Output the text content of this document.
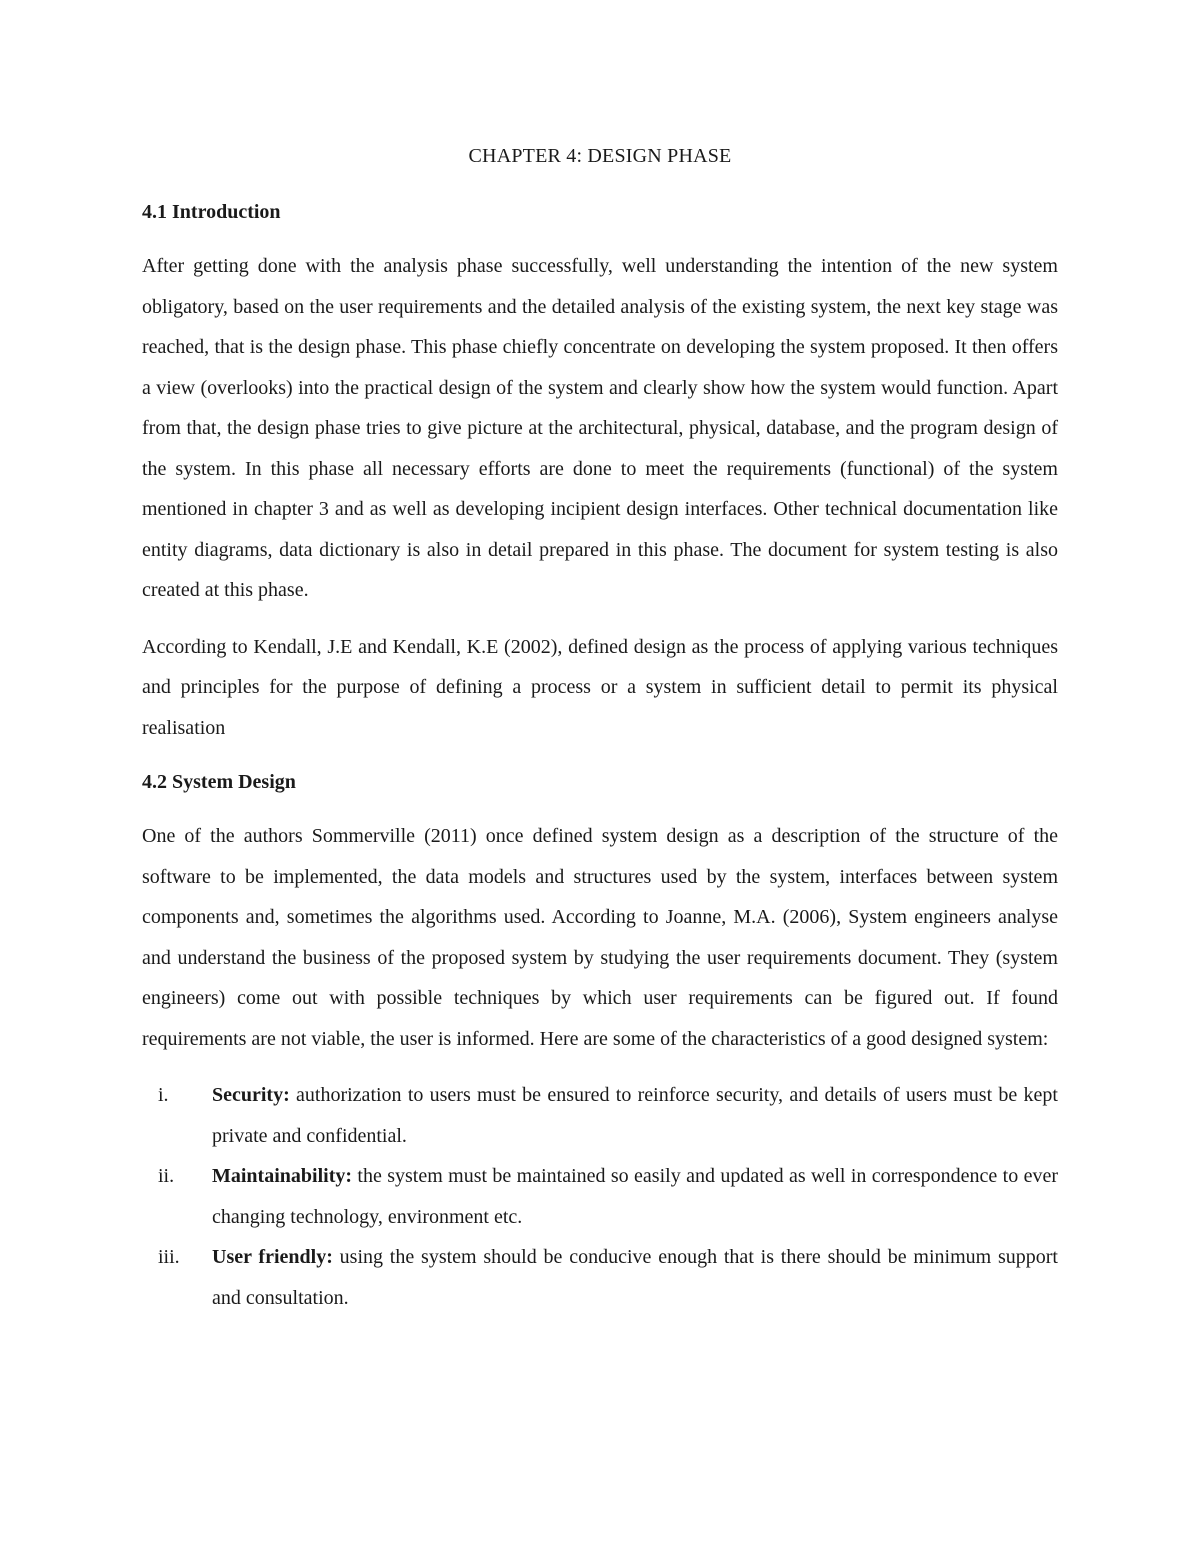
CHAPTER 4: DESIGN PHASE
4.1 Introduction

After getting done with the analysis phase successfully, well understanding the intention of the new system obligatory, based on the user requirements and the detailed analysis of the existing system, the next key stage was reached, that is the design phase. This phase chiefly concentrate on developing the system proposed. It then offers a view (overlooks) into the practical design of the system and clearly show how the system would function. Apart from that, the design phase tries to give picture at the architectural, physical, database, and the program design of the system. In this phase all necessary efforts are done to meet the requirements (functional) of the system mentioned in chapter 3 and as well as developing incipient design interfaces. Other technical documentation like entity diagrams, data dictionary is also in detail prepared in this phase. The document for system testing is also created at this phase.

According to Kendall, J.E and Kendall, K.E (2002), defined design as the process of applying various techniques and principles for the purpose of defining a process or a system in sufficient detail to permit its physical realisation

4.2 System Design

One of the authors Sommerville (2011) once defined system design as a description of the structure of the software to be implemented, the data models and structures used by the system, interfaces between system components and, sometimes the algorithms used. According to Joanne, M.A. (2006), System engineers analyse and understand the business of the proposed system by studying the user requirements document. They (system engineers) come out with possible techniques by which user requirements can be figured out. If found requirements are not viable, the user is informed. Here are some of the characteristics of a good designed system:

i.	Security: authorization to users must be ensured to reinforce security, and details of users must be kept private and confidential.
ii.	Maintainability: the system must be maintained so easily and updated as well in correspondence to ever changing technology, environment etc.
iii.	User friendly: using the system should be conducive enough that is there should be minimum support and consultation.
